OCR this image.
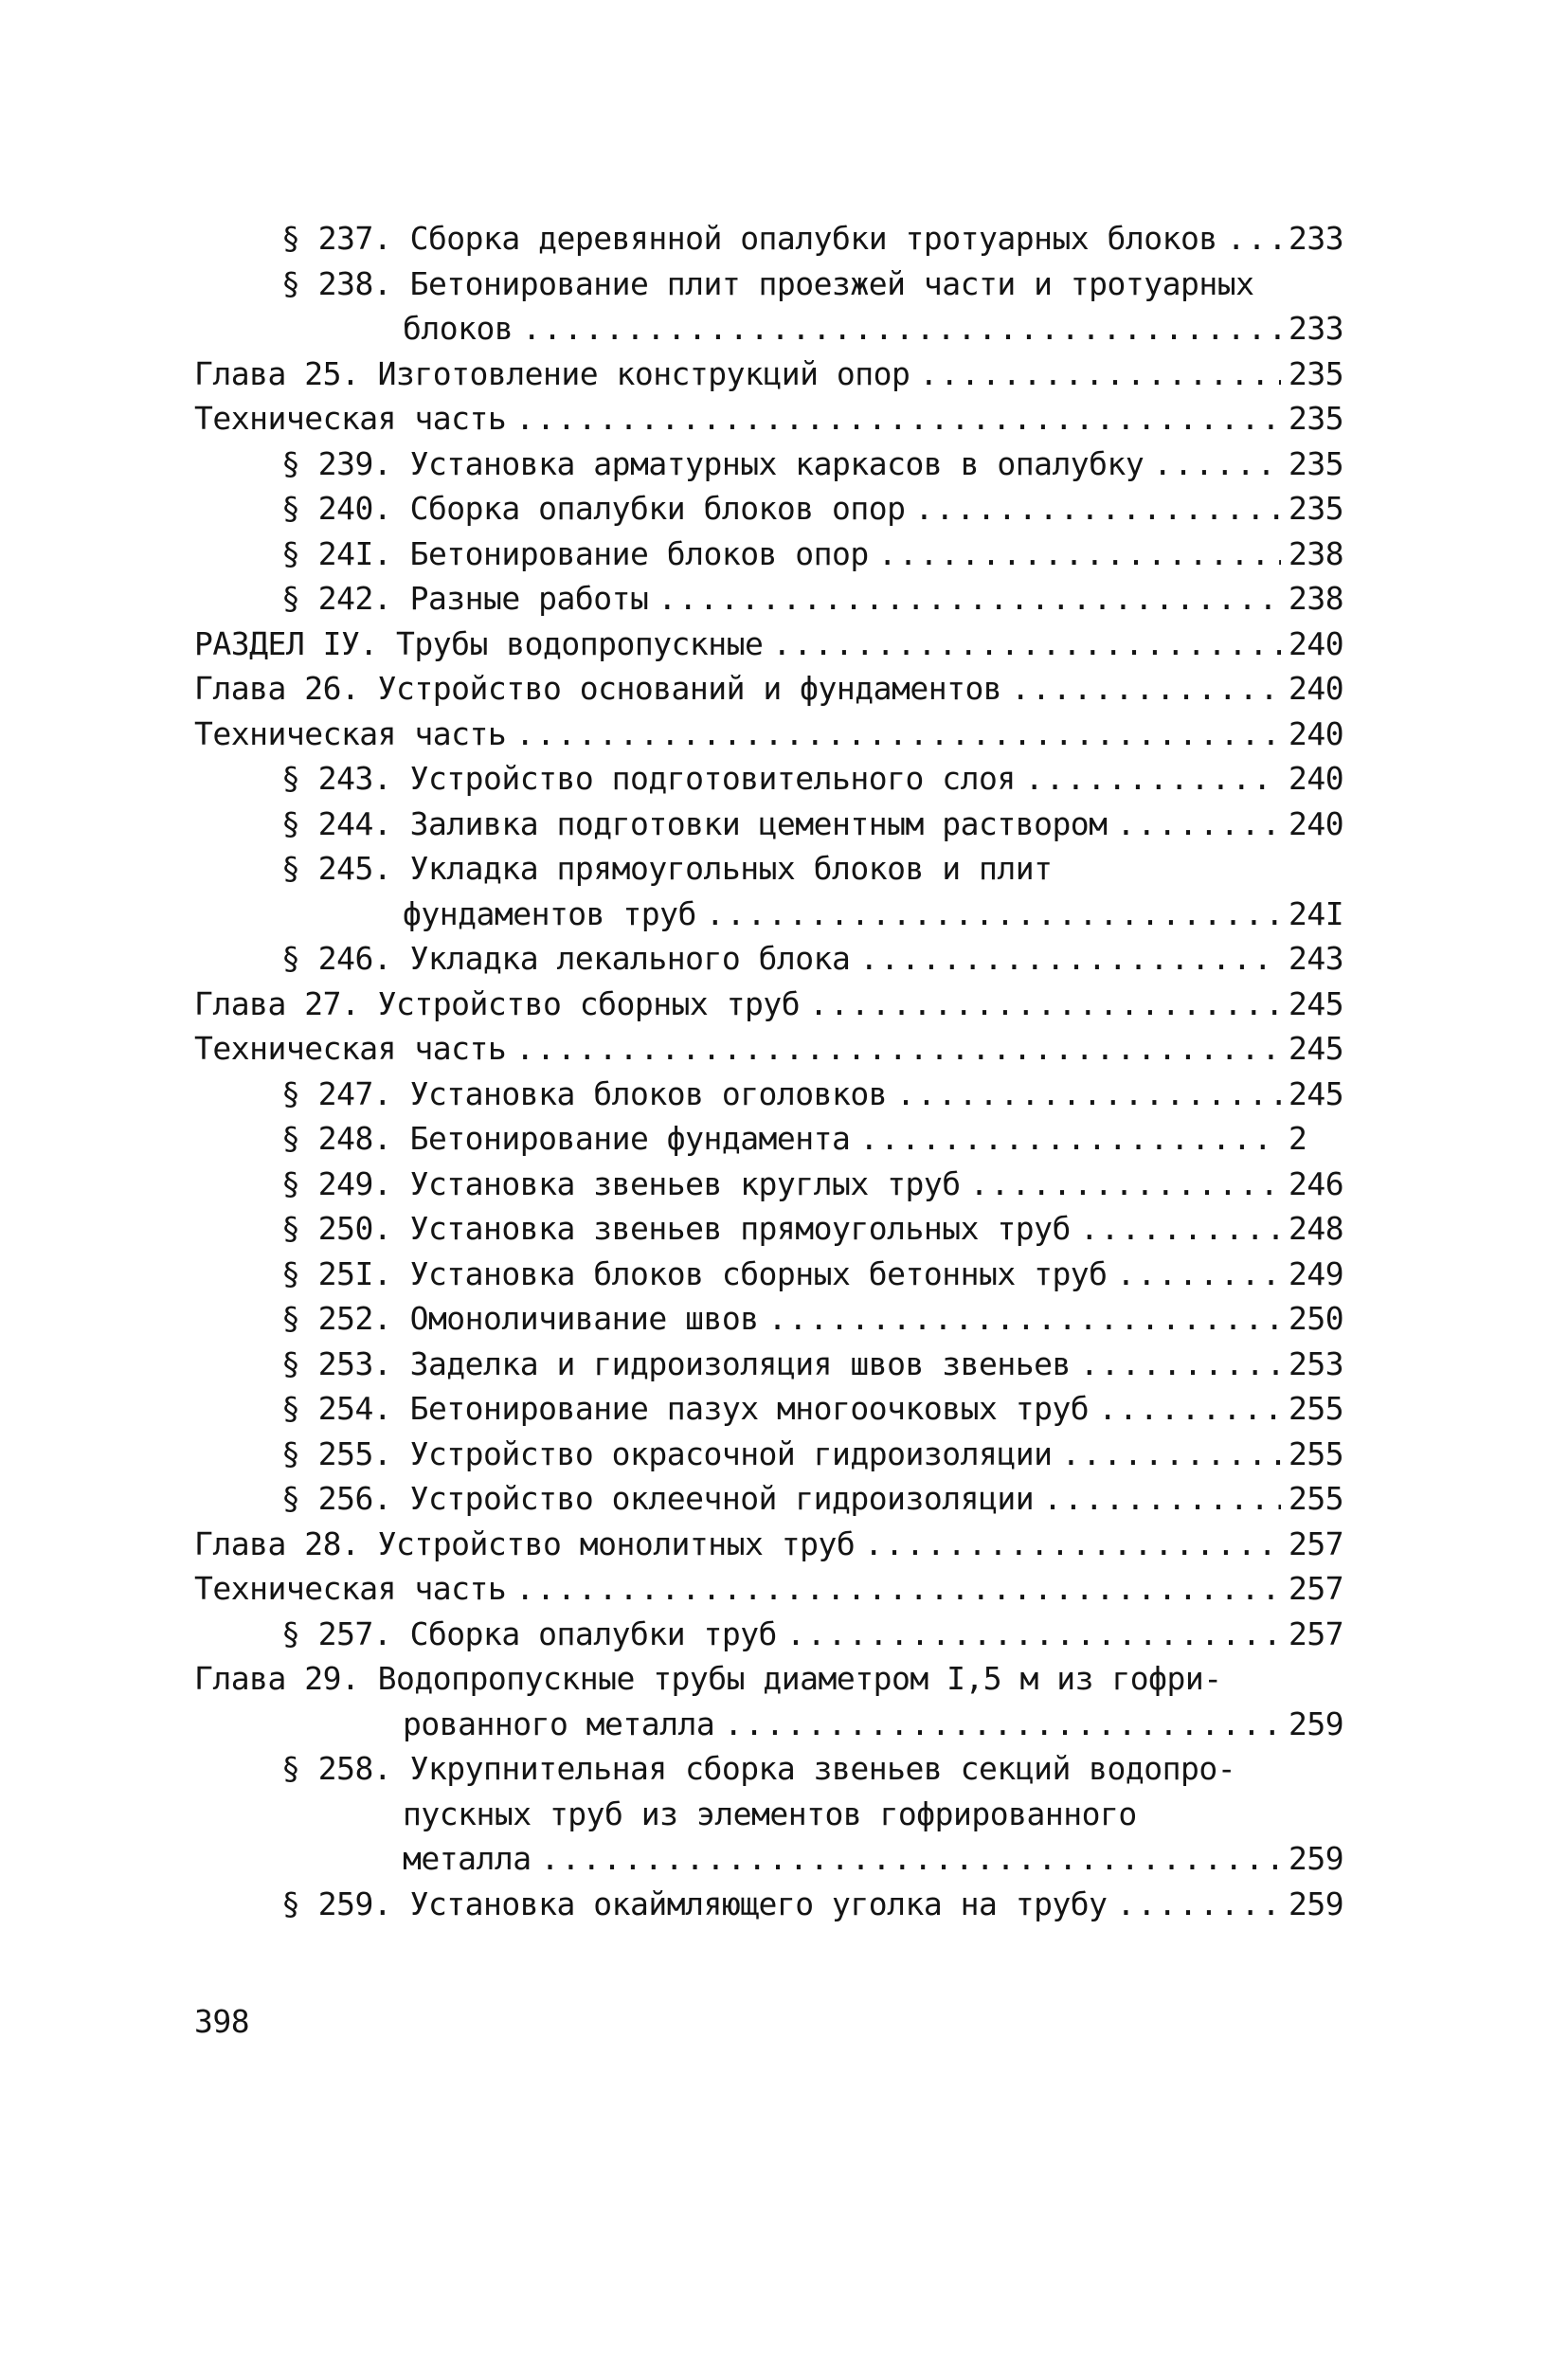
§ 237. Сборка деревянной опалубки тротуарных блоков ..... 233
§ 238. Бетонирование плит проезжей части и тротуарных
блоков .....	233
Глава 25. Изготовление конструкций опор .....	235
Техническая часть .....	235
§ 239. Установка арматурных каркасов в опалубку .....	235
§ 240. Сборка опалубки блоков опор .....	235
§ 24I. Бетонирование блоков опор .....	238
§ 242. Разные работы .....	238
РАЗДЕЛ IУ. Трубы водопропускные .....	240
Глава 26. Устройство оснований и фундаментов .....	240
Техническая часть .....	240
§ 243. Устройство подготовительного слоя .....	240
§ 244. Заливка подготовки цементным раствором .....	240
§ 245. Укладка прямоугольных блоков и плит
фундаментов труб .....	24I
§ 246. Укладка лекального блока .....	243
Глава 27. Устройство сборных труб .....	245
Техническая часть .....	245
§ 247. Установка блоков оголовков .....	245
§ 248. Бетонирование фундамента .....	2
§ 249. Установка звеньев круглых труб .....	246
§ 250. Установка звеньев прямоугольных труб .....	248
§ 25I. Установка блоков сборных бетонных труб .....	249
§ 252. Омоноличивание швов .....	250
§ 253. Заделка и гидроизоляция швов звеньев .....	253
§ 254. Бетонирование пазух многоочковых труб .....	255
§ 255. Устройство окрасочной гидроизоляции .....	255
§ 256. Устройство оклеечной гидроизоляции .....	255
Глава 28. Устройство монолитных труб .....	257
Техническая часть .....	257
§ 257. Сборка опалубки труб .....	257
Глава 29. Водопропускные трубы диаметром I,5 м из гофри-
рованного металла .....	259
§ 258. Укрупнительная сборка звеньев секций водопро-
пускных труб из элементов гофрированного
металла .....	259
§ 259. Установка окаймляющего уголка на трубу .....	259
398
